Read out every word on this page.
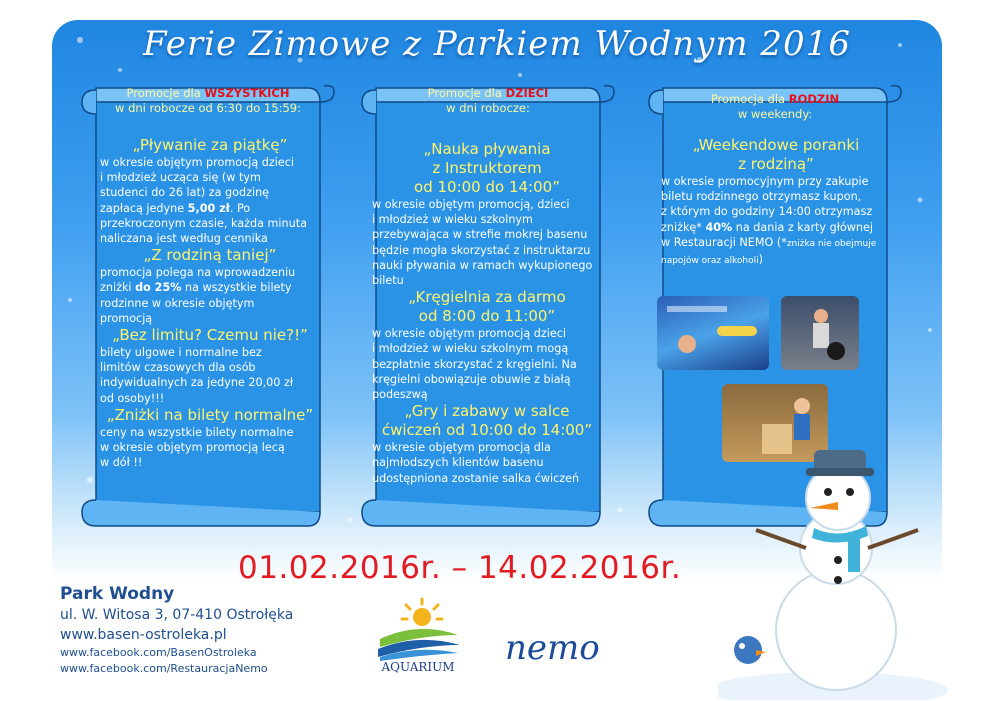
Ferie Zimowe z Parkiem Wodnym 2016
Promocje dla WSZYSTKICH
w dni robocze od 6:30 do 15:59:
„Pływanie za piątkę”
w okresie objętym promocją dzieci
i młodzież ucząca się (w tym
studenci do 26 lat) za godzinę
zapłacą jedyne 5,00 zł. Po
przekroczonym czasie, każda minuta
naliczana jest według cennika
„Z rodziną taniej”
promocja polega na wprowadzeniu
zniżki do 25% na wszystkie bilety
rodzinne w okresie objętym
promocją
„Bez limitu? Czemu nie?!”
bilety ulgowe i normalne bez
limitów czasowych dla osób
indywidualnych za jedyne 20,00 zł
od osoby!!!
„Zniżki na bilety normalne”
ceny na wszystkie bilety normalne
w okresie objętym promocją lecą
w dół !!
Promocje dla DZIECI
w dni robocze:
„Nauka pływania
z Instruktorem
od 10:00 do 14:00”
w okresie objętym promocją, dzieci
i młodzież w wieku szkolnym
przebywająca w strefie mokrej basenu
będzie mogła skorzystać z instruktarzu
nauki pływania w ramach wykupionego
biletu
„Kręgielnia za darmo
od 8:00 do 11:00”
w okresie objętym promocją dzieci
i młodzież w wieku szkolnym mogą
bezpłatnie skorzystać z kręgielni. Na
kręgielni obowiązuje obuwie z białą
podeszwą
„Gry i zabawy w salce
ćwiczeń od 10:00 do 14:00”
w okresie objętym promocją dla
najmłodszych klientów basenu
udostępniona zostanie salka ćwiczeń
Promocja dla RODZIN
w weekendy:
„Weekendowe poranki
z rodziną”
w okresie promocyjnym przy zakupie
biletu rodzinnego otrzymasz kupon,
z którym do godziny 14:00 otrzymasz
zniżkę* 40% na dania z karty głównej
w Restauracji NEMO (*zniżka nie obejmuje
napojów oraz alkoholi)
01.02.2016r. – 14.02.2016r.
Park Wodny
ul. W. Witosa 3, 07-410 Ostrołęka
www.basen-ostroleka.pl
www.facebook.com/BasenOstroleka
www.facebook.com/RestauracjaNemo	AQUARIUM nemo
